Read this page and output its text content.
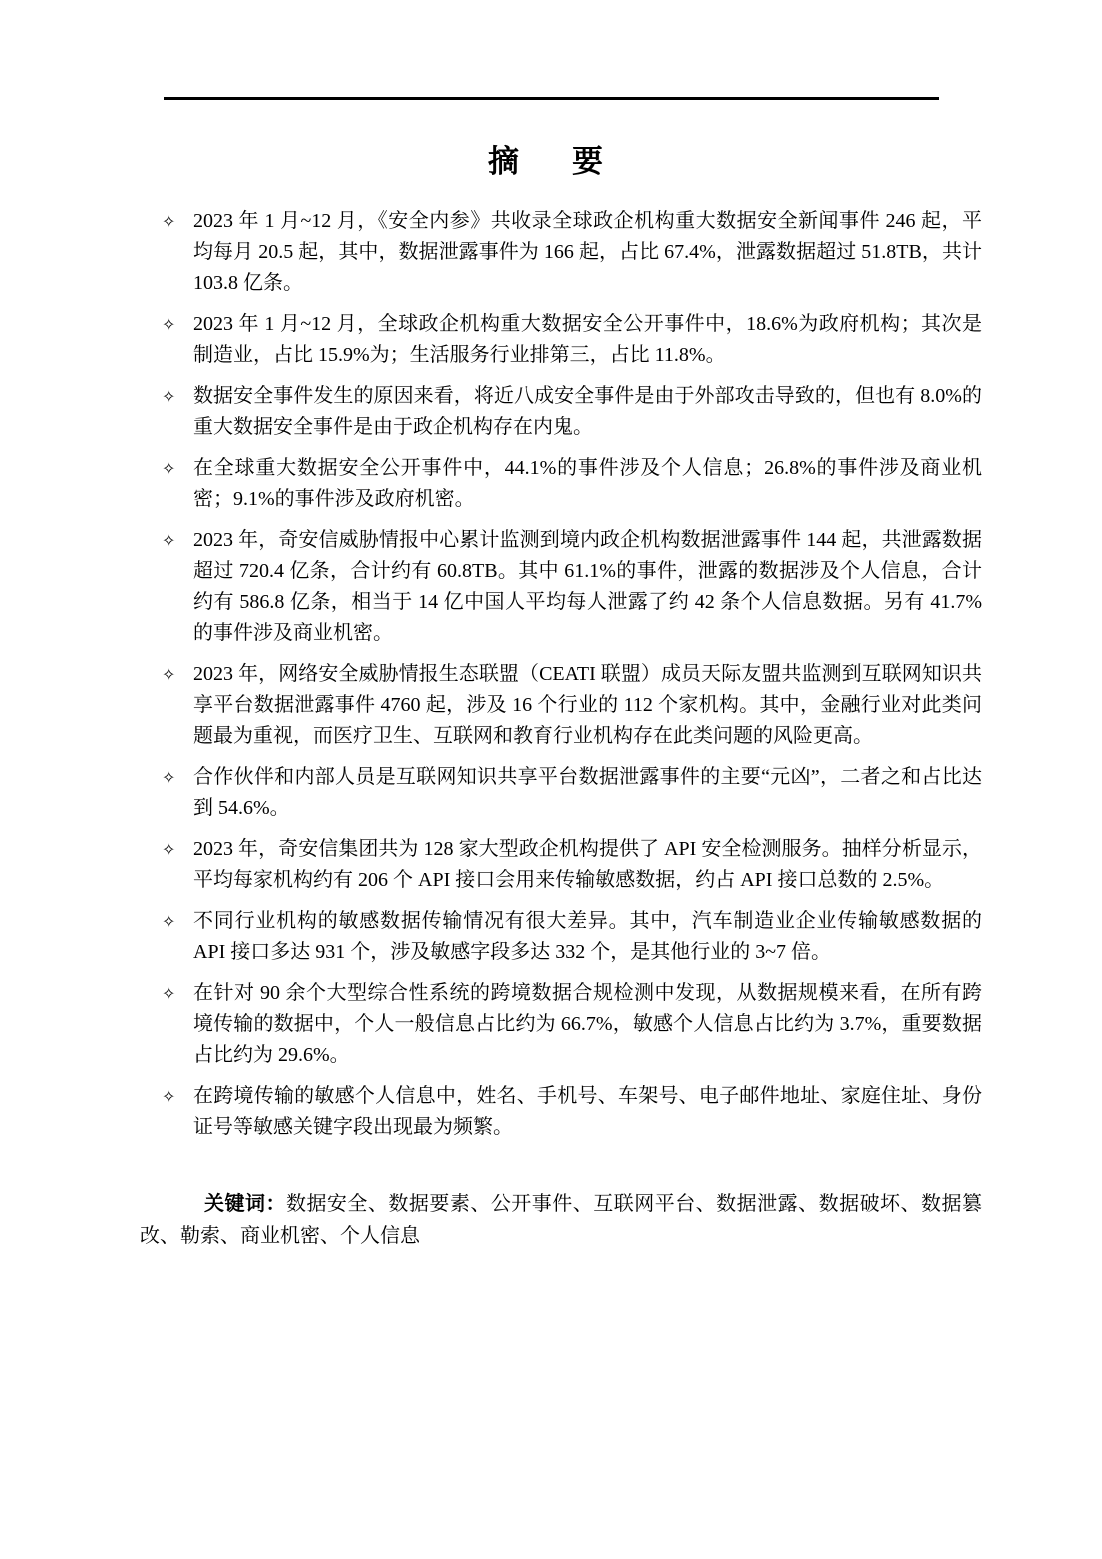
摘　要
✧ 2023 年 1 月~12 月，《安全内参》共收录全球政企机构重大数据安全新闻事件 246 起，平均每月 20.5 起，其中，数据泄露事件为 166 起，占比 67.4%，泄露数据超过 51.8TB，共计 103.8 亿条。

✧ 2023 年 1 月~12 月，全球政企机构重大数据安全公开事件中，18.6%为政府机构；其次是制造业，占比 15.9%为；生活服务行业排第三，占比 11.8%。

✧ 数据安全事件发生的原因来看，将近八成安全事件是由于外部攻击导致的，但也有 8.0%的重大数据安全事件是由于政企机构存在内鬼。

✧ 在全球重大数据安全公开事件中，44.1%的事件涉及个人信息；26.8%的事件涉及商业机密；9.1%的事件涉及政府机密。

✧ 2023 年，奇安信威胁情报中心累计监测到境内政企机构数据泄露事件 144 起，共泄露数据超过 720.4 亿条，合计约有 60.8TB。其中 61.1%的事件，泄露的数据涉及个人信息，合计约有 586.8 亿条，相当于 14 亿中国人平均每人泄露了约 42 条个人信息数据。另有 41.7%的事件涉及商业机密。

✧ 2023 年，网络安全威胁情报生态联盟（CEATI 联盟）成员天际友盟共监测到互联网知识共享平台数据泄露事件 4760 起，涉及 16 个行业的 112 个家机构。其中，金融行业对此类问题最为重视，而医疗卫生、互联网和教育行业机构存在此类问题的风险更高。

✧ 合作伙伴和内部人员是互联网知识共享平台数据泄露事件的主要“元凶”，二者之和占比达到 54.6%。

✧ 2023 年，奇安信集团共为 128 家大型政企机构提供了 API 安全检测服务。抽样分析显示，平均每家机构约有 206 个 API 接口会用来传输敏感数据，约占 API 接口总数的 2.5%。

✧ 不同行业机构的敏感数据传输情况有很大差异。其中，汽车制造业企业传输敏感数据的 API 接口多达 931 个，涉及敏感字段多达 332 个，是其他行业的 3~7 倍。

✧ 在针对 90 余个大型综合性系统的跨境数据合规检测中发现，从数据规模来看，在所有跨境传输的数据中，个人一般信息占比约为 66.7%，敏感个人信息占比约为 3.7%，重要数据占比约为 29.6%。

✧ 在跨境传输的敏感个人信息中，姓名、手机号、车架号、电子邮件地址、家庭住址、身份证号等敏感关键字段出现最为频繁。

关键词：数据安全、数据要素、公开事件、互联网平台、数据泄露、数据破坏、数据篡改、勒索、商业机密、个人信息
